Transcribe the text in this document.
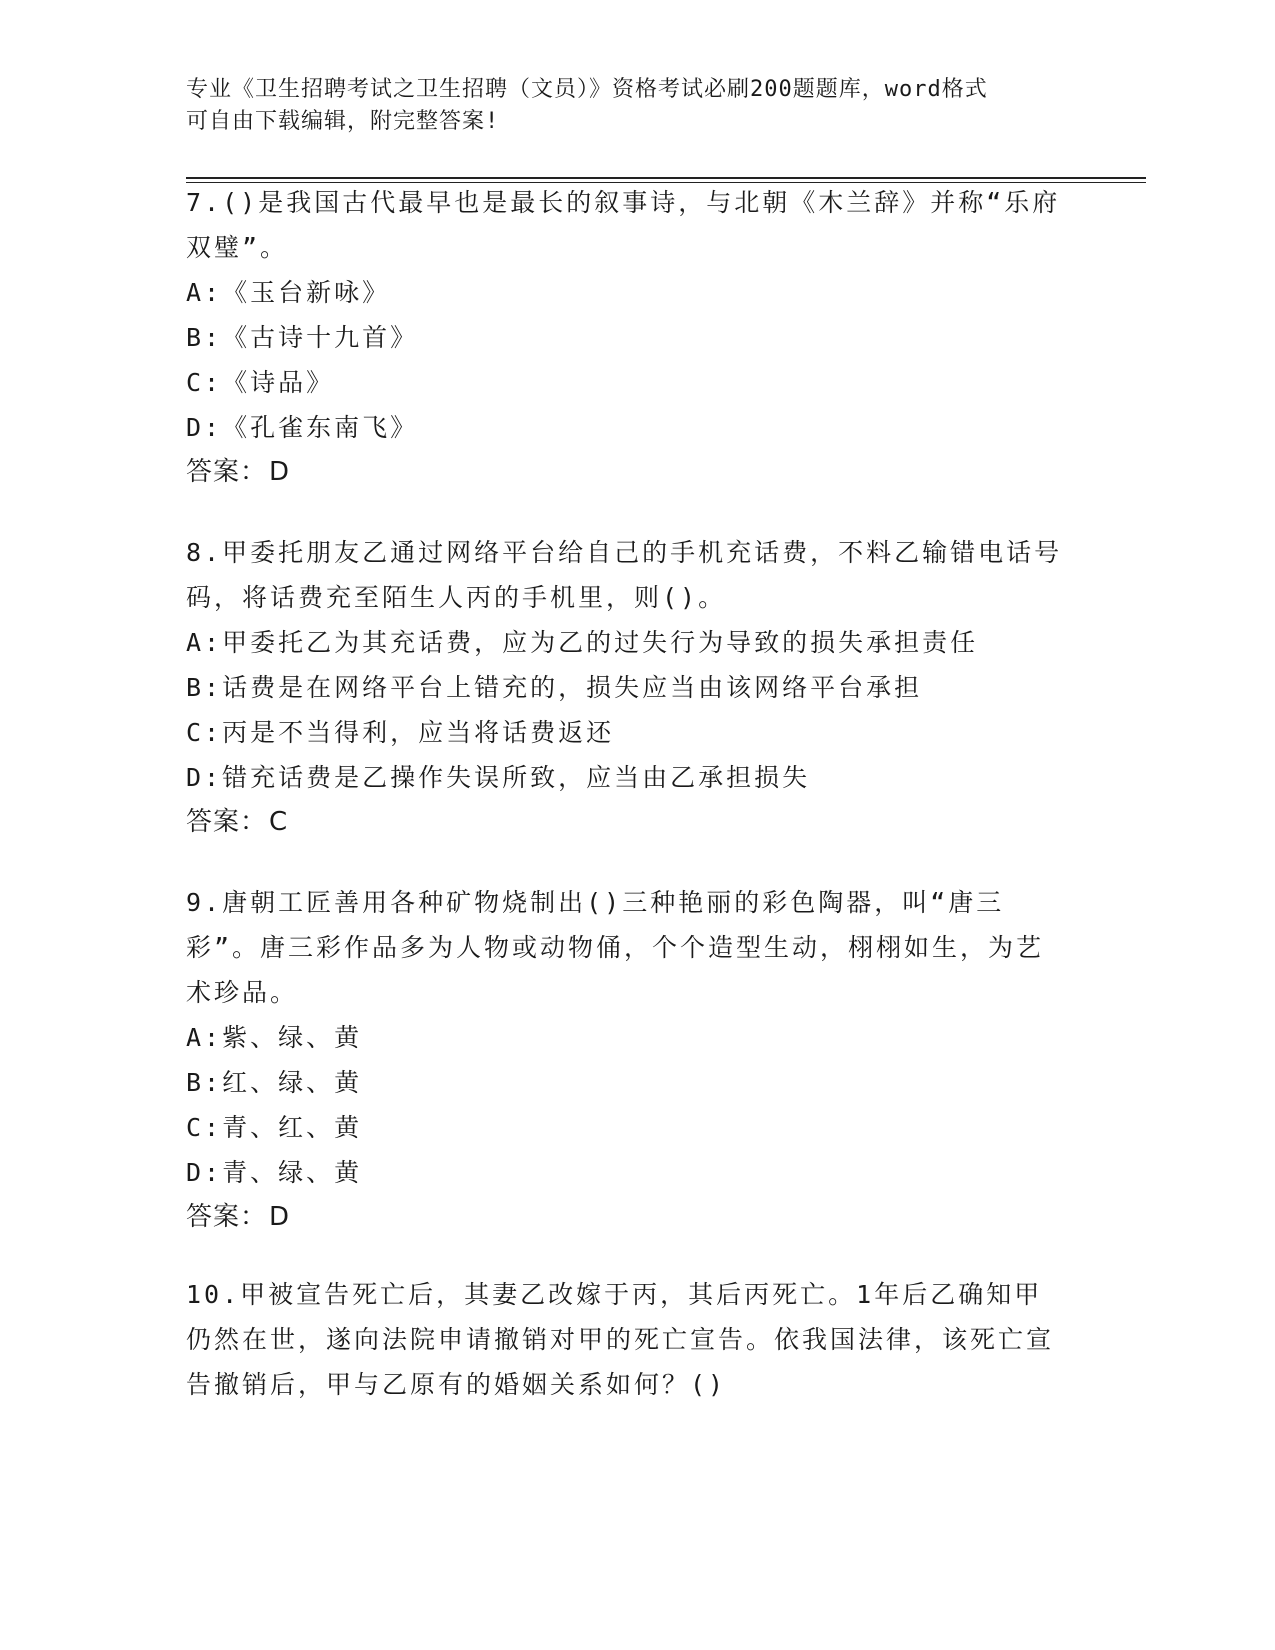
专业《卫生招聘考试之卫生招聘（文员）》资格考试必刷200题题库，word格式
可自由下载编辑，附完整答案!
7.()是我国古代最早也是最长的叙事诗，与北朝《木兰辞》并称“乐府双璧”。
A:《玉台新咏》
B:《古诗十九首》
C:《诗品》
D:《孔雀东南飞》
答案：D
8.甲委托朋友乙通过网络平台给自己的手机充话费，不料乙输错电话号码，将话费充至陌生人丙的手机里，则()。
A:甲委托乙为其充话费，应为乙的过失行为导致的损失承担责任
B:话费是在网络平台上错充的，损失应当由该网络平台承担
C:丙是不当得利，应当将话费返还
D:错充话费是乙操作失误所致，应当由乙承担损失
答案：C
9.唐朝工匠善用各种矿物烧制出()三种艳丽的彩色陶器，叫“唐三彩”。唐三彩作品多为人物或动物俑，个个造型生动，栩栩如生，为艺术珍品。
A:紫、绿、黄
B:红、绿、黄
C:青、红、黄
D:青、绿、黄
答案：D
10.甲被宣告死亡后，其妻乙改嫁于丙，其后丙死亡。1年后乙确知甲仍然在世，遂向法院申请撤销对甲的死亡宣告。依我国法律，该死亡宣告撤销后，甲与乙原有的婚姻关系如何？()
